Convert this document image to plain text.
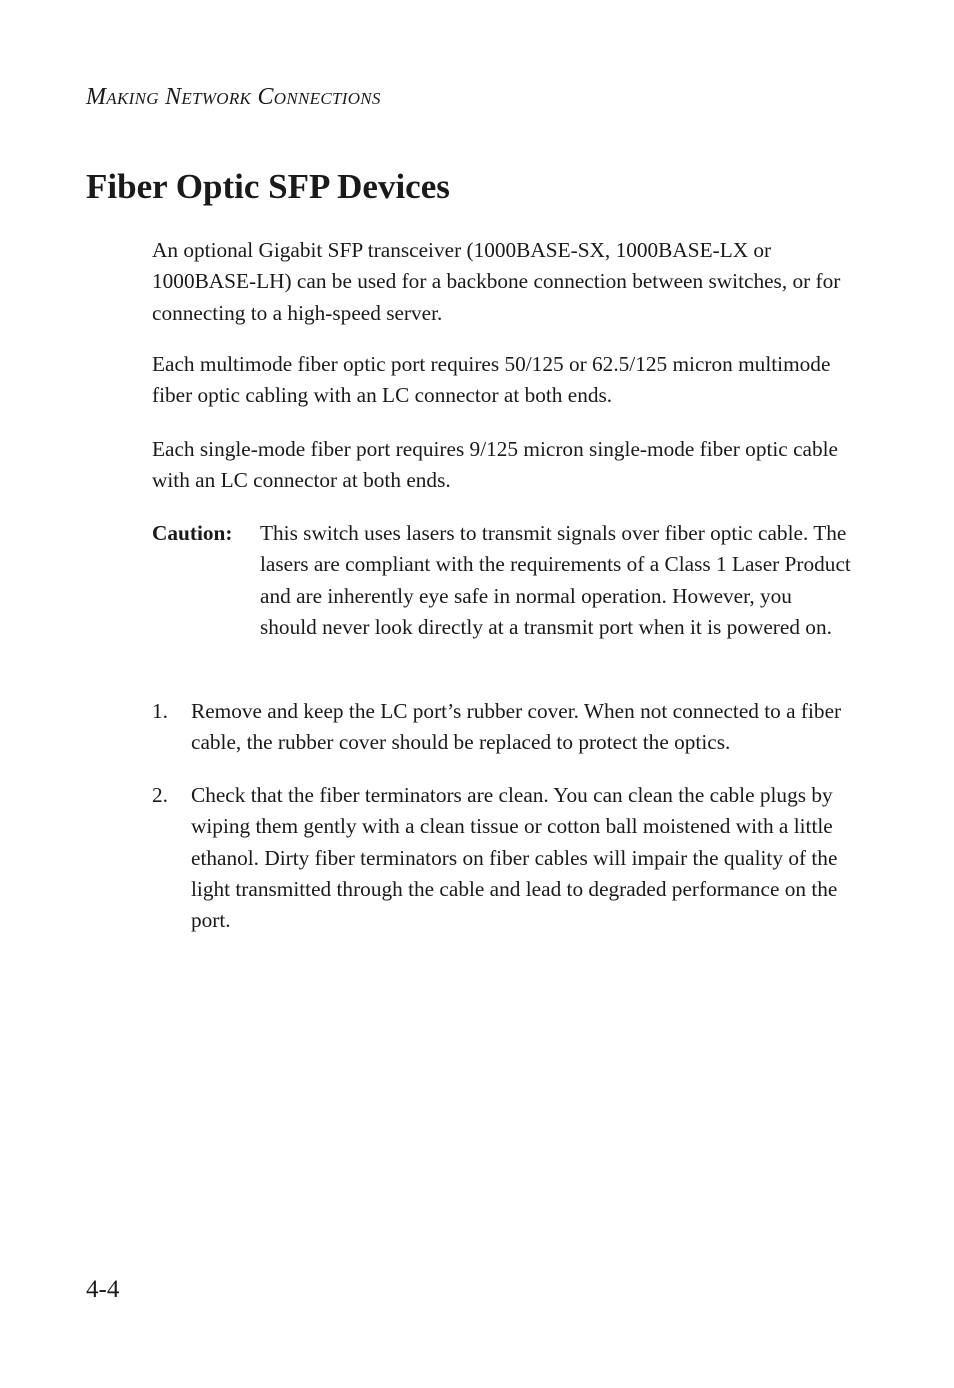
Making Network Connections
Fiber Optic SFP Devices

An optional Gigabit SFP transceiver (1000BASE-SX, 1000BASE-LX or 1000BASE-LH) can be used for a backbone connection between switches, or for connecting to a high-speed server.

Each multimode fiber optic port requires 50/125 or 62.5/125 micron multimode fiber optic cabling with an LC connector at both ends.

Each single-mode fiber port requires 9/125 micron single-mode fiber optic cable with an LC connector at both ends.

Caution:	This switch uses lasers to transmit signals over fiber optic cable. The lasers are compliant with the requirements of a Class 1 Laser Product and are inherently eye safe in normal operation. However, you should never look directly at a transmit port when it is powered on.
1.	Remove and keep the LC port’s rubber cover. When not connected to a fiber cable, the rubber cover should be replaced to protect the optics.
2.	Check that the fiber terminators are clean. You can clean the cable plugs by wiping them gently with a clean tissue or cotton ball moistened with a little ethanol. Dirty fiber terminators on fiber cables will impair the quality of the light transmitted through the cable and lead to degraded performance on the port.
4-4
